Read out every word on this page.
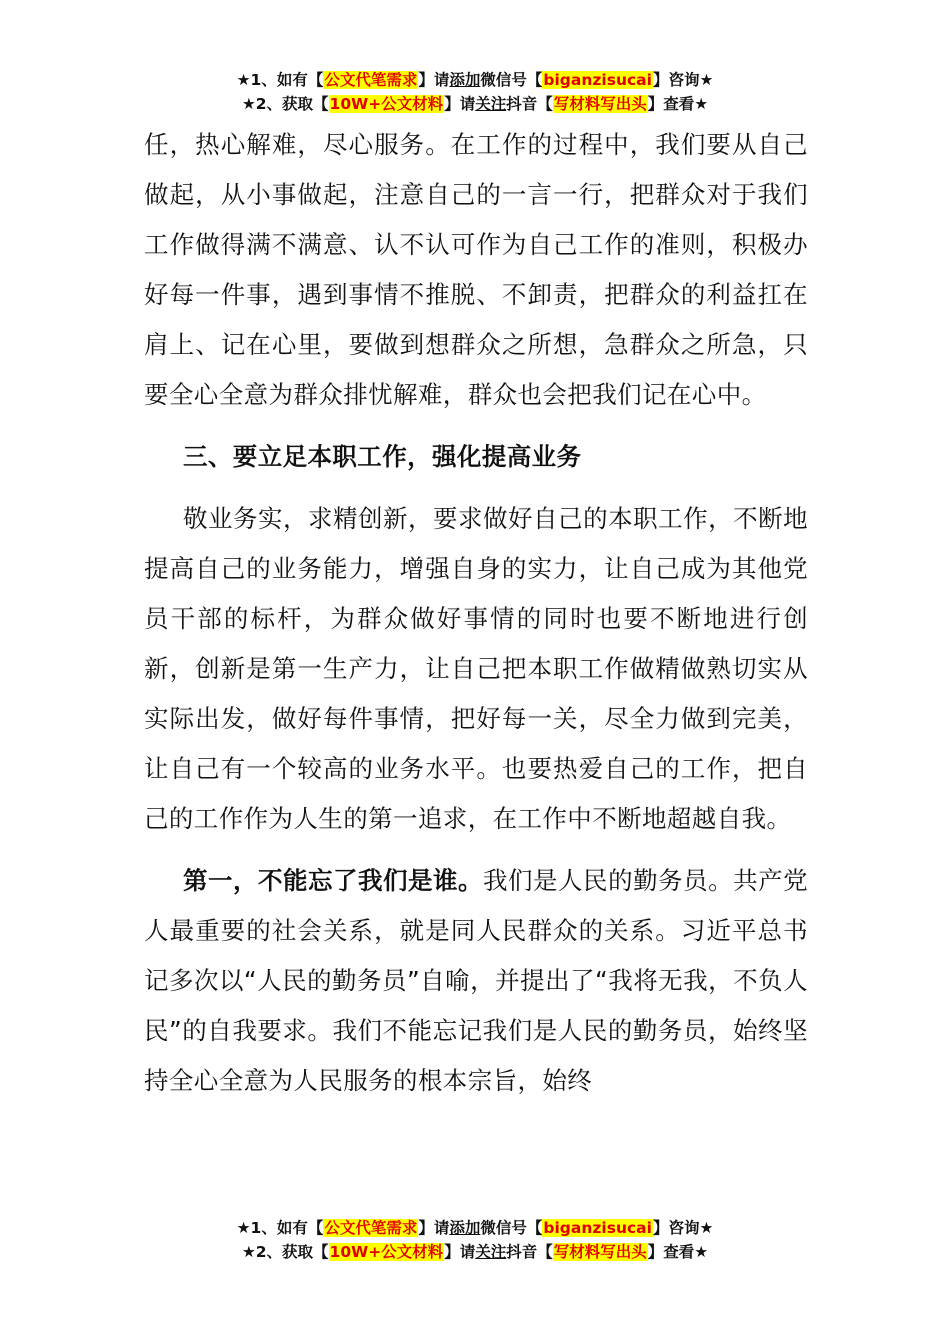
★1、如有【公文代笔需求】请添加微信号【biganzisucai】咨询★
★2、获取【10W+公文材料】请关注抖音【写材料写出头】查看★

任，热心解难，尽心服务。在工作的过程中，我们要从自己做起，从小事做起，注意自己的一言一行，把群众对于我们工作做得满不满意、认不认可作为自己工作的准则，积极办好每一件事，遇到事情不推脱、不卸责，把群众的利益扛在肩上、记在心里，要做到想群众之所想，急群众之所急，只要全心全意为群众排忧解难，群众也会把我们记在心中。

三、要立足本职工作，强化提高业务

敬业务实，求精创新，要求做好自己的本职工作，不断地提高自己的业务能力，增强自身的实力，让自己成为其他党员干部的标杆，为群众做好事情的同时也要不断地进行创新，创新是第一生产力，让自己把本职工作做精做熟切实从实际出发，做好每件事情，把好每一关，尽全力做到完美，让自己有一个较高的业务水平。也要热爱自己的工作，把自己的工作作为人生的第一追求，在工作中不断地超越自我。

第一，不能忘了我们是谁。我们是人民的勤务员。共产党人最重要的社会关系，就是同人民群众的关系。习近平总书记多次以“人民的勤务员”自喻，并提出了“我将无我，不负人民”的自我要求。我们不能忘记我们是人民的勤务员，始终坚持全心全意为人民服务的根本宗旨，始终

★1、如有【公文代笔需求】请添加微信号【biganzisucai】咨询★
★2、获取【10W+公文材料】请关注抖音【写材料写出头】查看★
